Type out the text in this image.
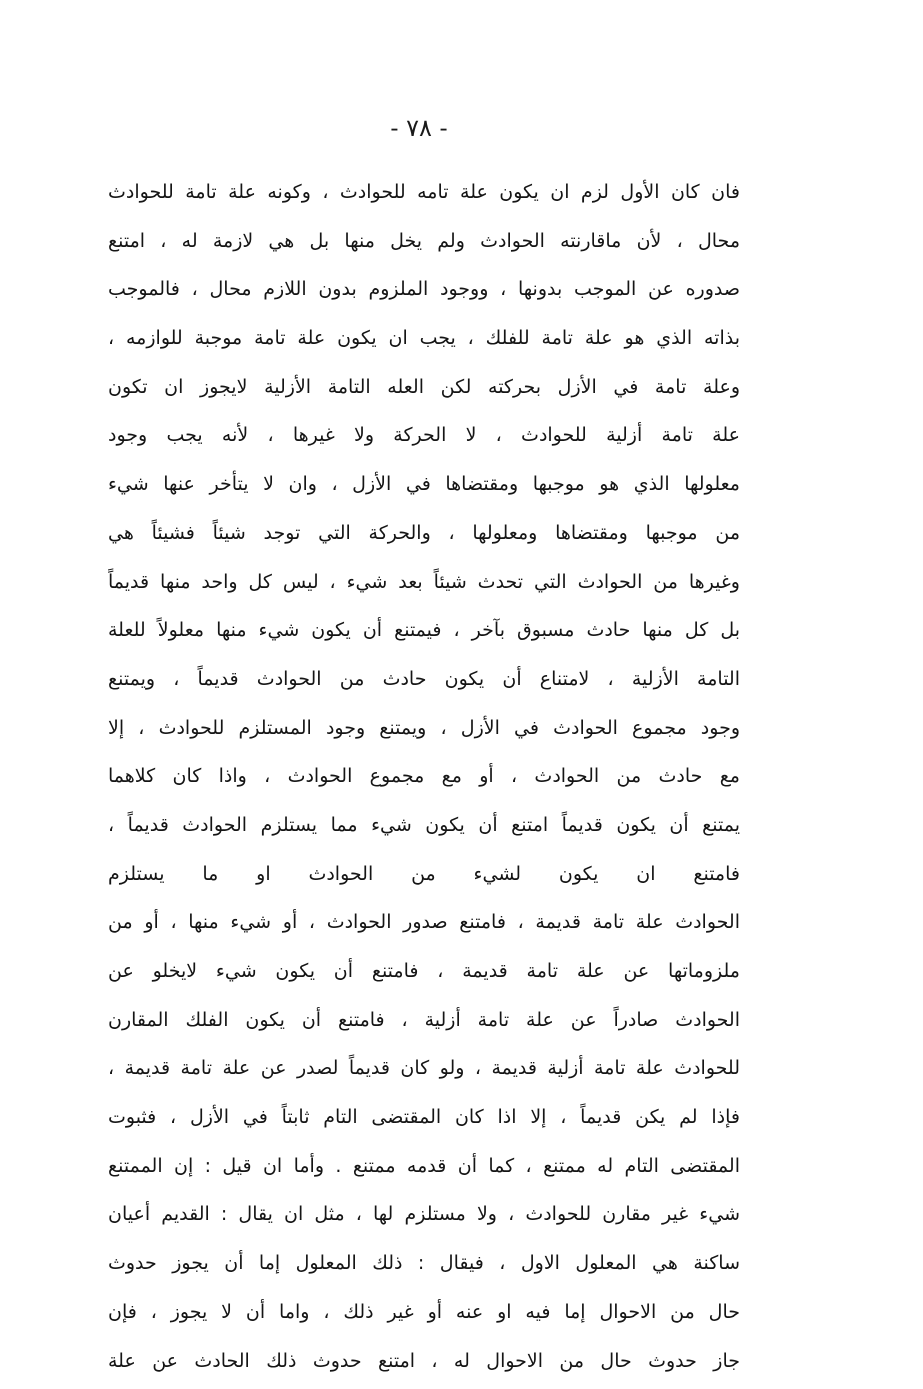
- ٧٨ -
فان كان الأول لزم ان يكون علة تامه للحوادث ، وكونه علة تامة للحوادث
محال ، لأن ماقارنته الحوادث ولم يخل منها بل هي لازمة له ، امتنع
صدوره عن الموجب بدونها ، ووجود الملزوم بدون اللازم محال ، فالموجب
بذاته الذي هو علة تامة للفلك ، يجب ان يكون علة تامة موجبة للوازمه ،
وعلة تامة في الأزل بحركته لكن العله التامة الأزلية لايجوز ان تكون
علة تامة أزلية للحوادث ، لا الحركة ولا غيرها ، لأنه يجب وجود
معلولها الذي هو موجبها ومقتضاها في الأزل ، وان لا يتأخر عنها شيء
من موجبها ومقتضاها ومعلولها ، والحركة التي توجد شيئاً فشيئاً هي
وغيرها من الحوادث التي تحدث شيئاً بعد شيء ، ليس كل واحد منها قديماً
بل كل منها حادث مسبوق بآخر ، فيمتنع أن يكون شيء منها معلولاً للعلة
التامة الأزلية ، لامتناع أن يكون حادث من الحوادث قديماً ، ويمتنع
وجود مجموع الحوادث في الأزل ، ويمتنع وجود المستلزم للحوادث ، إلا
مع حادث من الحوادث ، أو مع مجموع الحوادث ، واذا كان كلاهما
يمتنع أن يكون قديماً امتنع أن يكون شيء مما يستلزم الحوادث قديماً ،
فامتنع ان يكون لشيء من الحوادث او ما يستلزم
الحوادث علة تامة قديمة ، فامتنع صدور الحوادث ، أو شيء منها ، أو من
ملزوماتها عن علة تامة قديمة ، فامتنع أن يكون شيء لايخلو عن
الحوادث صادراً عن علة تامة أزلية ، فامتنع أن يكون الفلك المقارن
للحوادث علة تامة أزلية قديمة ، ولو كان قديماً لصدر عن علة تامة قديمة ،
فإذا لم يكن قديماً ، إلا اذا كان المقتضى التام ثابتاً في الأزل ، فثبوت
المقتضى التام له ممتنع ، كما أن قدمه ممتنع . وأما ان قيل : إن الممتنع
شيء غير مقارن للحوادث ، ولا مستلزم لها ، مثل ان يقال : القديم أعيان
ساكنة هي المعلول الاول ، فيقال : ذلك المعلول إما أن يجوز حدوث
حال من الاحوال إما فيه او عنه أو غير ذلك ، واما أن لا يجوز ، فإن
جاز حدوث حال من الاحوال له ، امتنع حدوث ذلك الحادث عن علة
